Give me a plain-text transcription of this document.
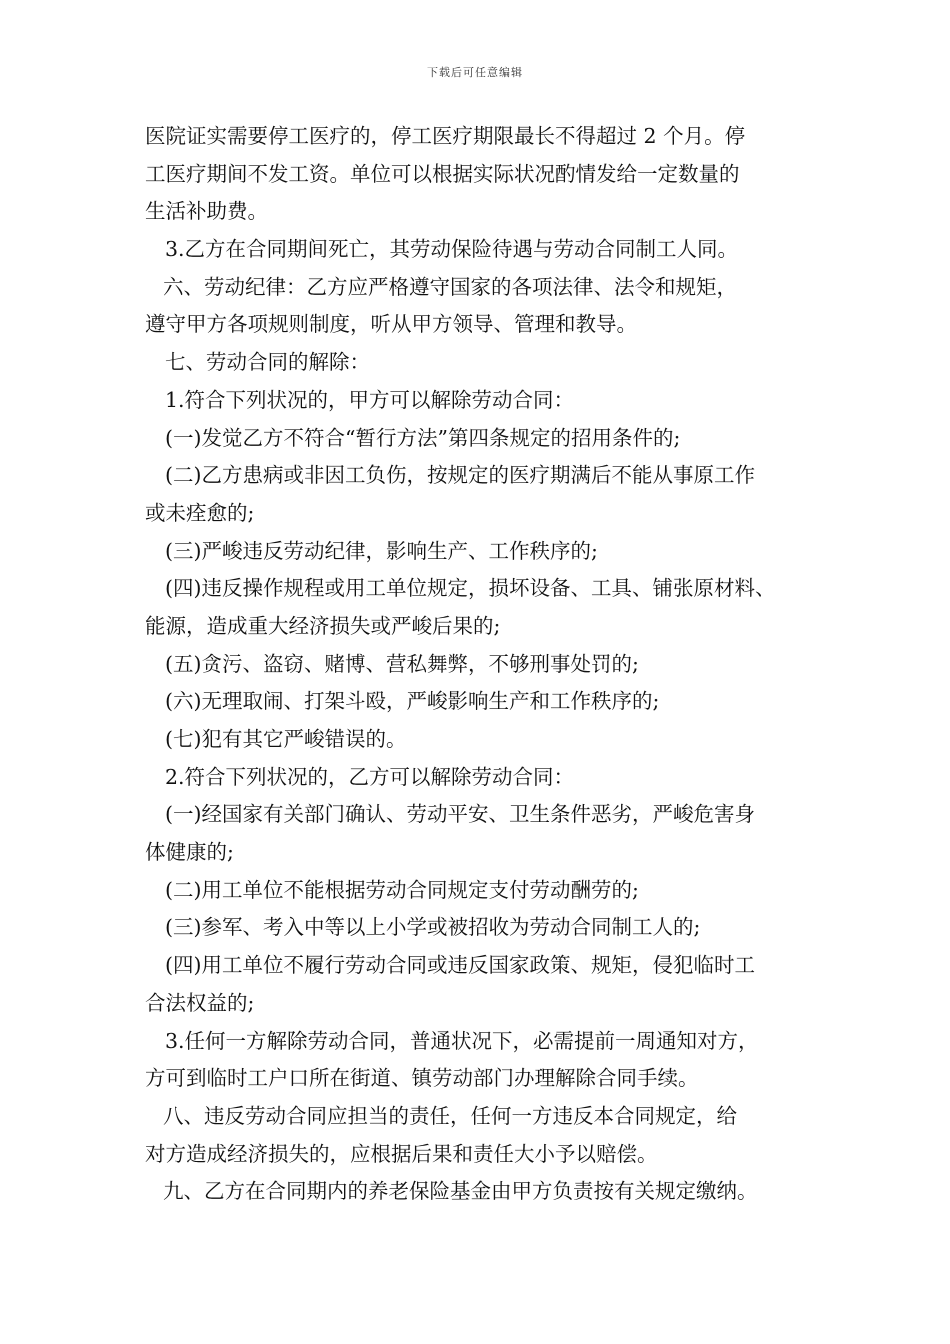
下载后可任意编辑
医院证实需要停工医疗的，停工医疗期限最长不得超过 2 个月。停
工医疗期间不发工资。单位可以根据实际状况酌情发给一定数量的
生活补助费。
3.乙方在合同期间死亡，其劳动保险待遇与劳动合同制工人同。
六、劳动纪律：乙方应严格遵守国家的各项法律、法令和规矩，
遵守甲方各项规则制度，听从甲方领导、管理和教导。
七、劳动合同的解除：
1.符合下列状况的，甲方可以解除劳动合同：
(一)发觉乙方不符合“暂行方法”第四条规定的招用条件的;
(二)乙方患病或非因工负伤，按规定的医疗期满后不能从事原工作
或未痊愈的;
(三)严峻违反劳动纪律，影响生产、工作秩序的;
(四)违反操作规程或用工单位规定，损坏设备、工具、铺张原材料、
能源，造成重大经济损失或严峻后果的;
(五)贪污、盗窃、赌博、营私舞弊，不够刑事处罚的;
(六)无理取闹、打架斗殴，严峻影响生产和工作秩序的;
(七)犯有其它严峻错误的。
2.符合下列状况的，乙方可以解除劳动合同：
(一)经国家有关部门确认、劳动平安、卫生条件恶劣，严峻危害身
体健康的;
(二)用工单位不能根据劳动合同规定支付劳动酬劳的;
(三)参军、考入中等以上小学或被招收为劳动合同制工人的;
(四)用工单位不履行劳动合同或违反国家政策、规矩，侵犯临时工
合法权益的;
3.任何一方解除劳动合同，普通状况下，必需提前一周通知对方，
方可到临时工户口所在街道、镇劳动部门办理解除合同手续。
八、违反劳动合同应担当的责任，任何一方违反本合同规定，给
对方造成经济损失的，应根据后果和责任大小予以赔偿。
九、乙方在合同期内的养老保险基金由甲方负责按有关规定缴纳。
